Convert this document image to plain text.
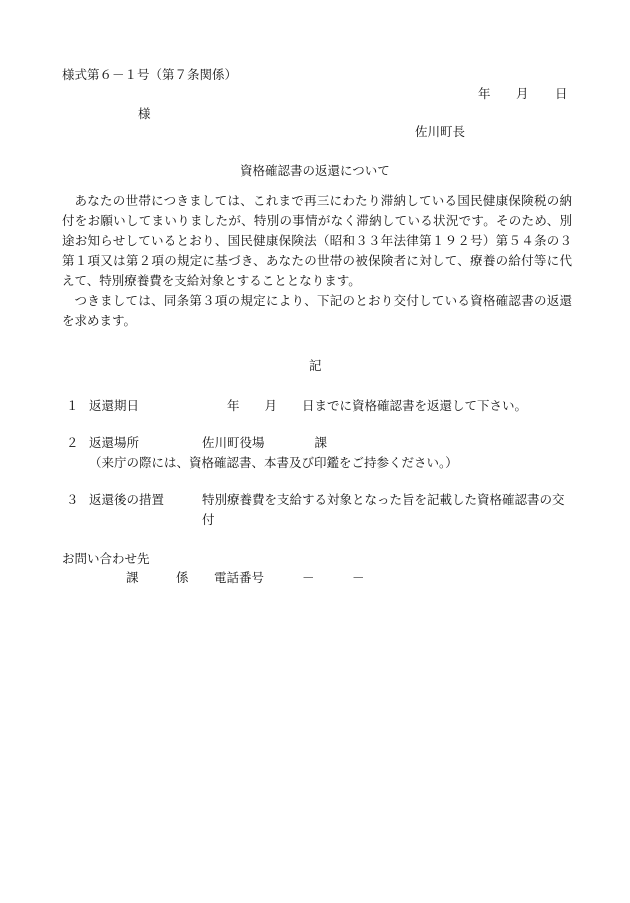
様式第６－１号（第７条関係）
年 月 日
様
佐川町長
資格確認書の返還について

あなたの世帯につきましては、これまで再三にわたり滞納している国民健康保険税の納付をお願いしてまいりましたが、特別の事情がなく滞納している状況です。そのため、別途お知らせしているとおり、国民健康保険法（昭和３３年法律第１９２号）第５４条の３第１項又は第２項の規定に基づき、あなたの世帯の被保険者に対して、療養の給付等に代えて、特別療養費を支給対象とすることとなります。

つきましては、同条第３項の規定により、下記のとおり交付している資格確認書の返還を求めます。

記
１ 返還期日	年　　月　　日までに資格確認書を返還して下さい。
２ 返還場所	佐川町役場　　　　課
（来庁の際には、資格確認書、本書及び印鑑をご持参ください。）
３ 返還後の措置	特別療養費を支給する対象となった旨を記載した資格確認書の交
付
お問い合わせ先
課	係 電話番号	－	－
